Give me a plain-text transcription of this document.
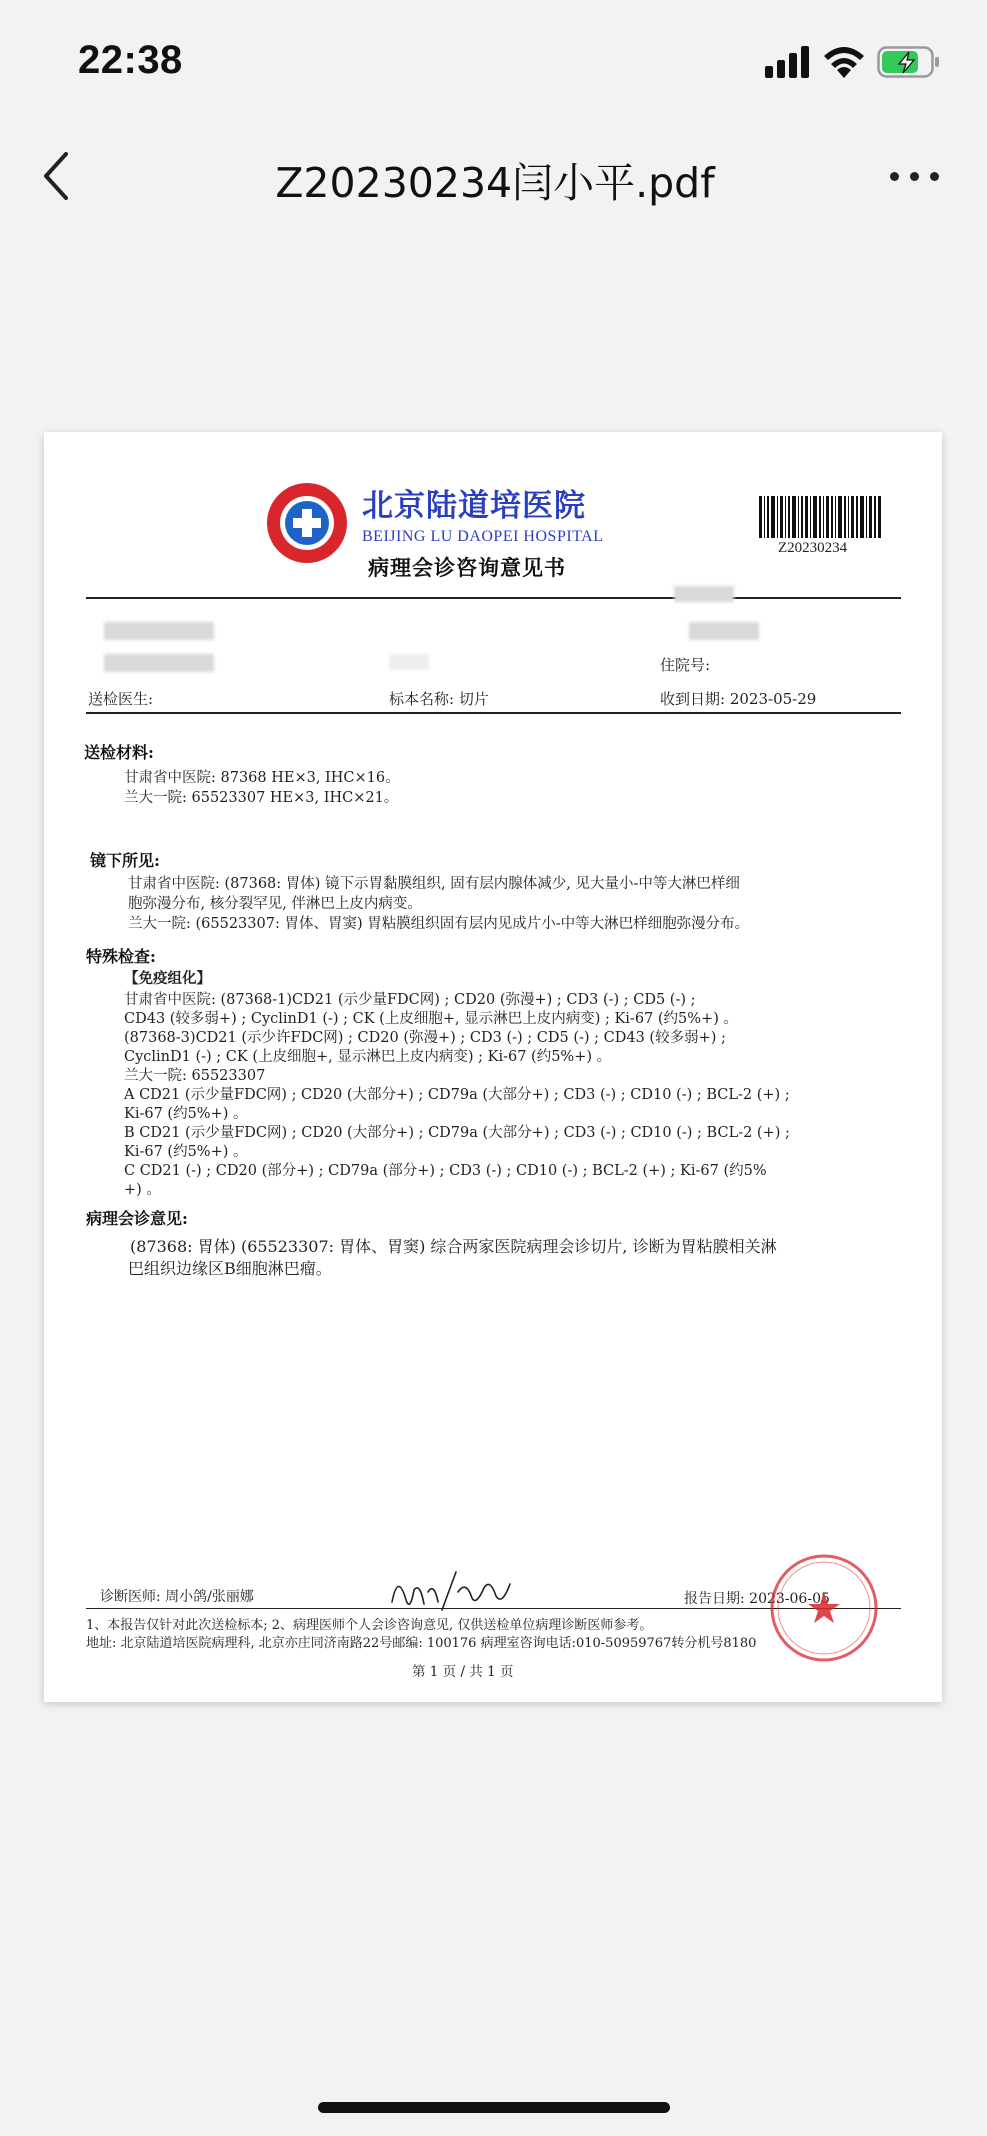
22:38
Z20230234闫小平.pdf
北京陆道培医院
BEIJING LU DAOPEI HOSPITAL
病理会诊咨询意见书
Z20230234
住院号:
送检医生:	标本名称: 切片	收到日期: 2023-05-29
送检材料:
甘肃省中医院: 87368 HE×3, IHC×16。
兰大一院: 65523307 HE×3, IHC×21。
镜下所见:
甘肃省中医院: (87368: 胃体) 镜下示胃黏膜组织, 固有层内腺体减少, 见大量小-中等大淋巴样细
胞弥漫分布, 核分裂罕见, 伴淋巴上皮内病变。
兰大一院: (65523307: 胃体、胃窦) 胃粘膜组织固有层内见成片小-中等大淋巴样细胞弥漫分布。
特殊检查:
【免疫组化】
甘肃省中医院: (87368-1)CD21 (示少量FDC网) ; CD20 (弥漫+) ; CD3 (-) ; CD5 (-) ;
CD43 (较多弱+) ; CyclinD1 (-) ; CK (上皮细胞+, 显示淋巴上皮内病变) ; Ki-67 (约5%+) 。
(87368-3)CD21 (示少许FDC网) ; CD20 (弥漫+) ; CD3 (-) ; CD5 (-) ; CD43 (较多弱+) ;
CyclinD1 (-) ; CK (上皮细胞+, 显示淋巴上皮内病变) ; Ki-67 (约5%+) 。
兰大一院: 65523307
A CD21 (示少量FDC网) ; CD20 (大部分+) ; CD79a (大部分+) ; CD3 (-) ; CD10 (-) ; BCL-2 (+) ;
Ki-67 (约5%+) 。
B CD21 (示少量FDC网) ; CD20 (大部分+) ; CD79a (大部分+) ; CD3 (-) ; CD10 (-) ; BCL-2 (+) ;
Ki-67 (约5%+) 。
C CD21 (-) ; CD20 (部分+) ; CD79a (部分+) ; CD3 (-) ; CD10 (-) ; BCL-2 (+) ; Ki-67 (约5%
+) 。
病理会诊意见:
(87368: 胃体) (65523307: 胃体、胃窦) 综合两家医院病理会诊切片, 诊断为胃粘膜相关淋
巴组织边缘区B细胞淋巴瘤。
诊断医师: 周小鸽/张丽娜	报告日期: 2023-06-05
1、本报告仅针对此次送检标本; 2、病理医师个人会诊咨询意见, 仅供送检单位病理诊断医师参考。
地址: 北京陆道培医院病理科, 北京亦庄同济南路22号邮编: 100176 病理室咨询电话:010-50959767转分机号8180
第 1 页 / 共 1 页
